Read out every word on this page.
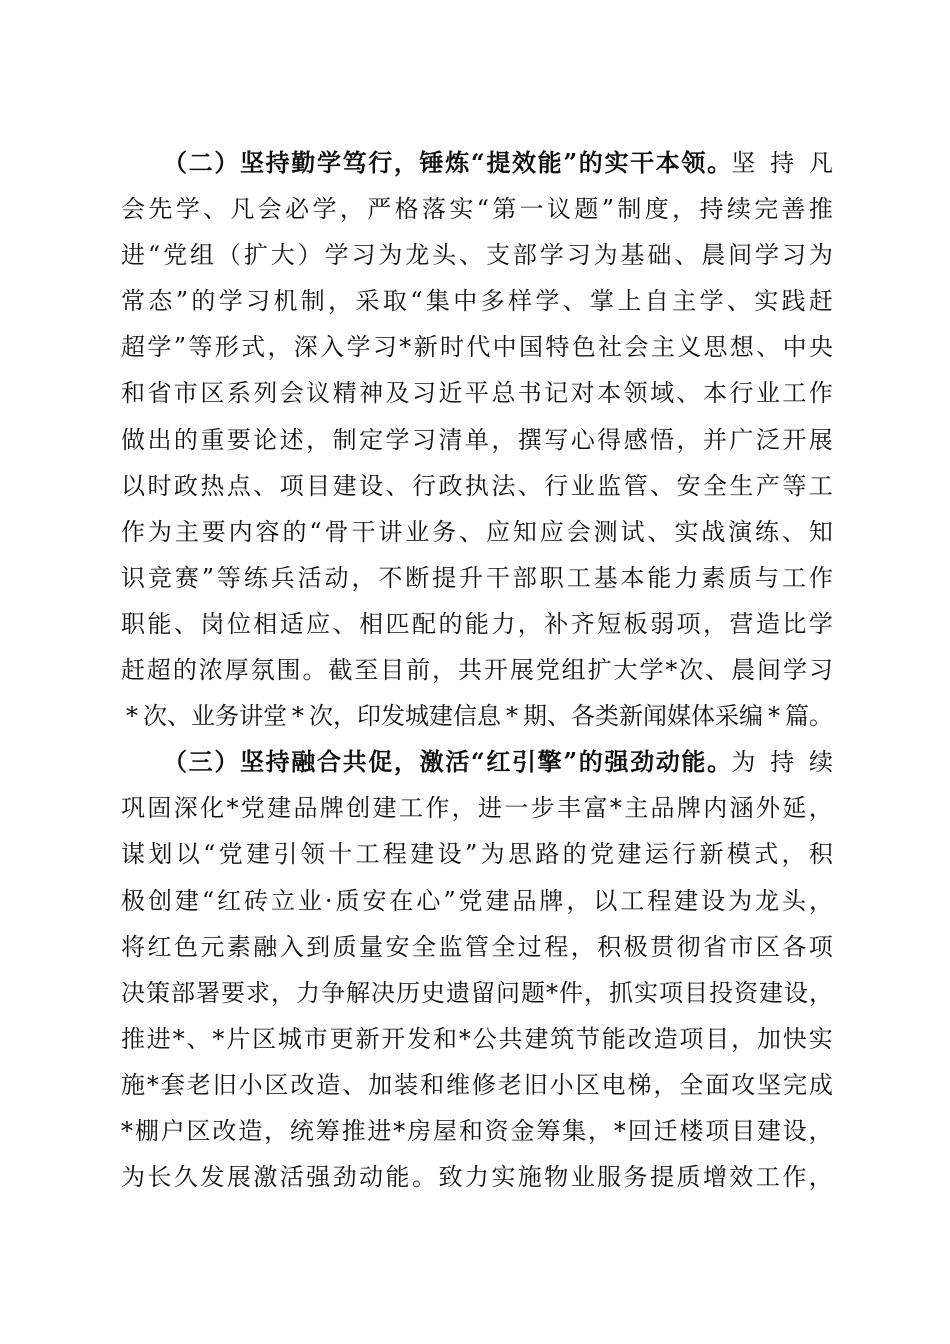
（ 二 ） 坚 持 勤 学 笃 行 ， 锤 炼 “ 提 效 能 ” 的 实 干 本 领 。 坚 持 凡
会 先 学 、 凡 会 必 学 ， 严 格 落 实 “ 第 一 议 题 ” 制 度 ， 持 续 完 善 推
进 “ 党 组 （ 扩 大 ） 学 习 为 龙 头 、 支 部 学 习 为 基 础 、 晨 间 学 习 为
常 态 ” 的 学 习 机 制 ， 采 取 “ 集 中 多 样 学 、 掌 上 自 主 学 、 实 践 赶
超 学 ” 等 形 式 ， 深 入 学 习 * 新 时 代 中 国 特 色 社 会 主 义 思 想 、 中 央
和 省 市 区 系 列 会 议 精 神 及 习 近 平 总 书 记 对 本 领 域 、 本 行 业 工 作
做 出 的 重 要 论 述 ， 制 定 学 习 清 单 ， 撰 写 心 得 感 悟 ， 并 广 泛 开 展
以 时 政 热 点 、 项 目 建 设 、 行 政 执 法 、 行 业 监 管 、 安 全 生 产 等 工
作 为 主 要 内 容 的 “ 骨 干 讲 业 务 、 应 知 应 会 测 试 、 实 战 演 练 、 知
识 竞 赛 ” 等 练 兵 活 动 ， 不 断 提 升 干 部 职 工 基 本 能 力 素 质 与 工 作
职 能 、 岗 位 相 适 应 、 相 匹 配 的 能 力 ， 补 齐 短 板 弱 项 ， 营 造 比 学
赶 超 的 浓 厚 氛 围 。 截 至 目 前 ， 共 开 展 党 组 扩 大 学 * 次 、 晨 间 学 习
* 次 、 业 务 讲 堂 * 次 ， 印 发 城 建 信 息 * 期 、 各 类 新 闻 媒 体 采 编 * 篇 。
（ 三 ） 坚 持 融 合 共 促 ， 激 活 “ 红 引 擎 ” 的 强 劲 动 能 。 为 持 续
巩 固 深 化 * 党 建 品 牌 创 建 工 作 ， 进 一 步 丰 富 * 主 品 牌 内 涵 外 延 ，
谋 划 以 “ 党 建 引 领 十 工 程 建 设 ” 为 思 路 的 党 建 运 行 新 模 式 ， 积
极 创 建 “ 红 砖 立 业 · 质 安 在 心 ” 党 建 品 牌 ， 以 工 程 建 设 为 龙 头 ，
将 红 色 元 素 融 入 到 质 量 安 全 监 管 全 过 程 ， 积 极 贯 彻 省 市 区 各 项
决 策 部 署 要 求 ， 力 争 解 决 历 史 遗 留 问 题 * 件 ， 抓 实 项 目 投 资 建 设 ，
推 进 * 、 * 片 区 城 市 更 新 开 发 和 * 公 共 建 筑 节 能 改 造 项 目 ， 加 快 实
施 * 套 老 旧 小 区 改 造 、 加 装 和 维 修 老 旧 小 区 电 梯 ， 全 面 攻 坚 完 成
* 棚 户 区 改 造 ， 统 筹 推 进 * 房 屋 和 资 金 筹 集 ， * 回 迁 楼 项 目 建 设 ，
为 长 久 发 展 激 活 强 劲 动 能 。 致 力 实 施 物 业 服 务 提 质 增 效 工 作 ，
